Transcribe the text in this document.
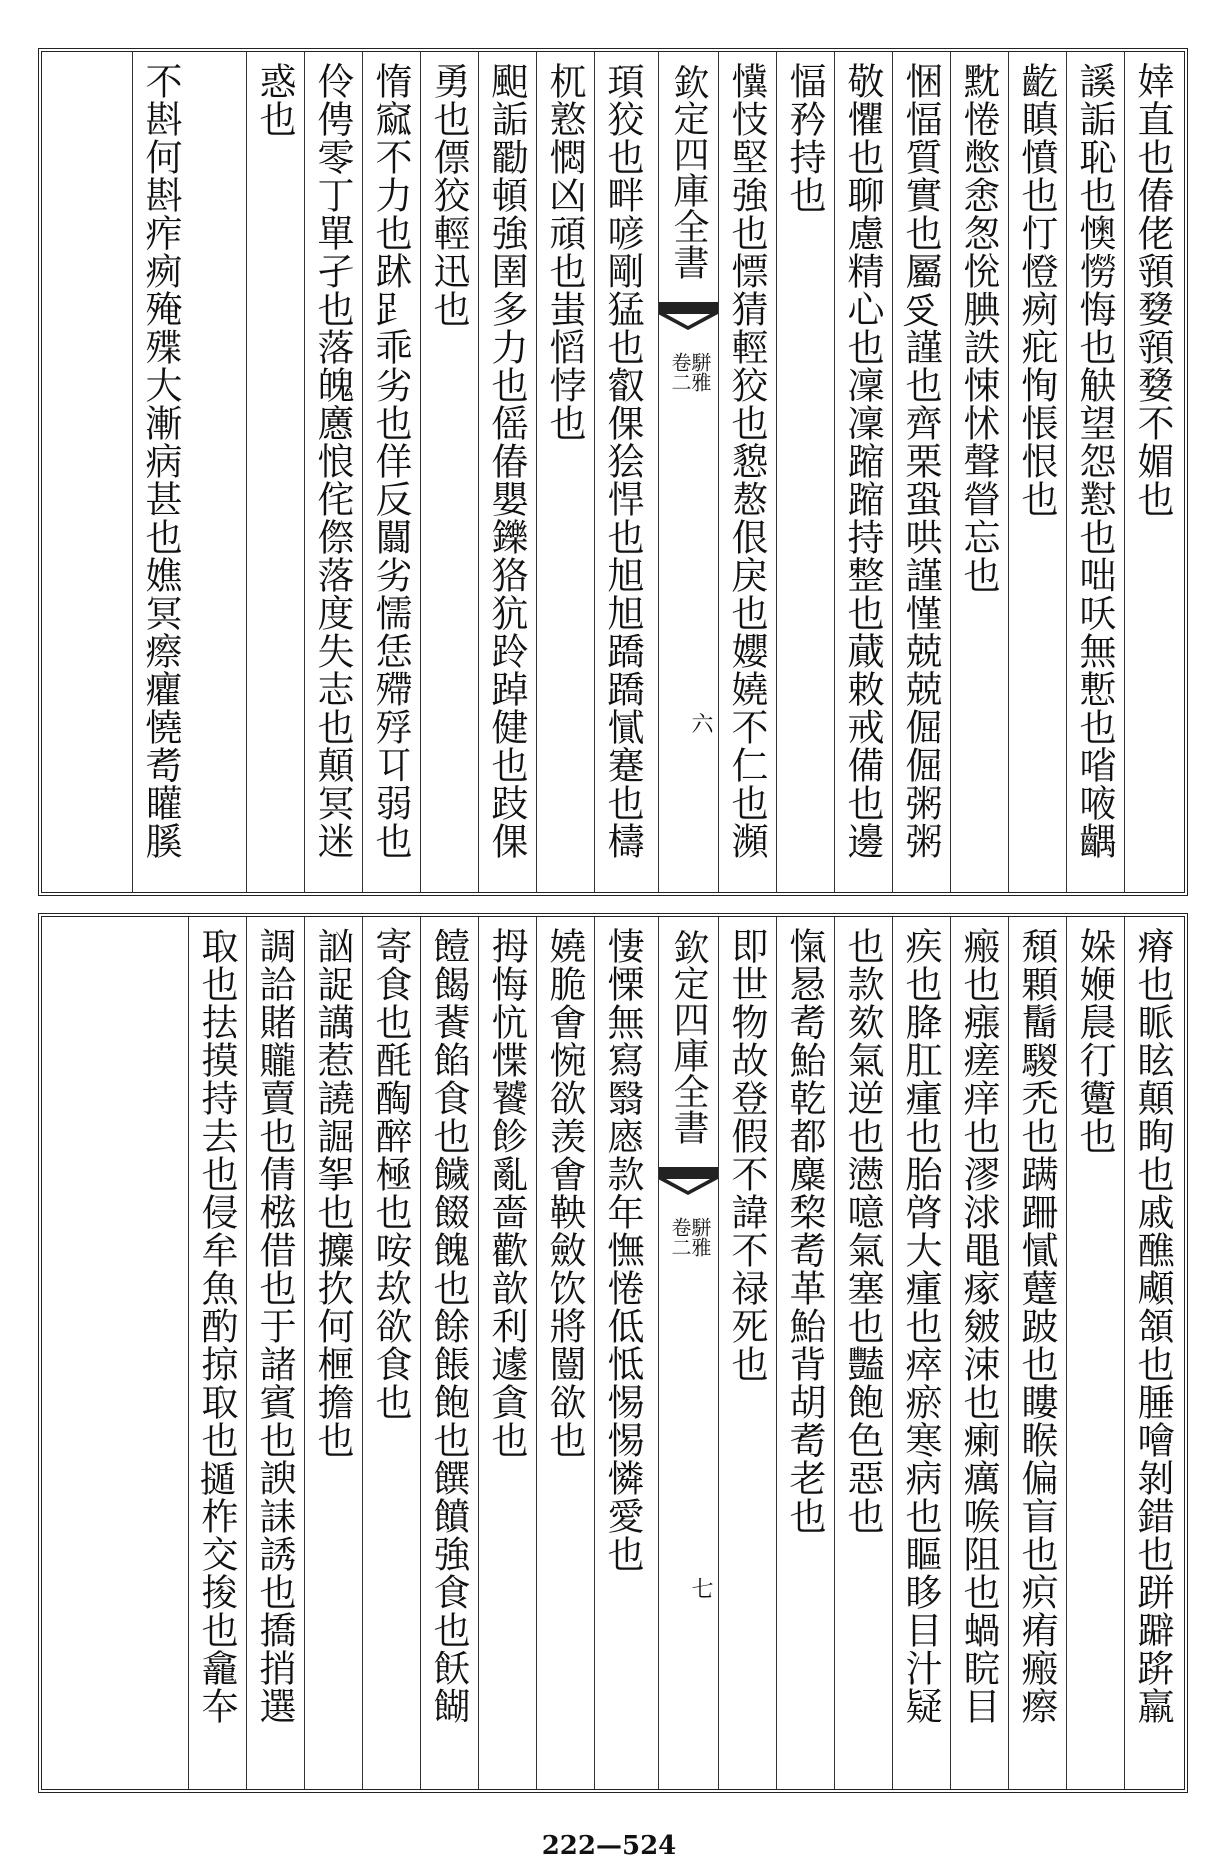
婞直也偆佬頱㜈頱㜈不媚也
謑詬恥也懊憦悔也觖望怨懟也咄㕭無慙也㗂㖡齵
齕瞋憤也忊憕㾐疪恂悵恨也
黕惓憋悆怱恱腆詄悚怵聲䁝忘也
悃愊質實也屬𠬪謹也齊栗蛩哄謹慬兢兢倔倔粥粥
敬懼也聊慮精心也凜凜蹜蹜持整也蕆敕戒備也邊
愊矜持也
懻忮堅強也慓猜輕狡也㦝㥿佷戾也孆嬈不仁也瀕
頊狡也畔喭剛猛也叡倮狯悍也旭旭蹻蹻㦐蹇也檮
杌憝㦖凶頑也蚩慆悖也
䫻詬㔥頓強圉多力也傜偆嬰鑠狢犺跉踔健也跂倮
勇也僄狡輕迅也
惰窳不力也䟣𧾷乖劣也佯反闒劣懦恁殢殍㔿弱也
伶俜零丁單孑也落魄懬悢侘傺落度失志也顛冥迷
惑也
不斟何斟痄㾐殗殜大漸病甚也嫶冥瘵癯憢耉矔膎	欽定四庫全書
駢雅
卷二
六
瘠也眽眩顛眴也戚醮顑頷也腄噲剝錯也跰躃䟸羸
㛊㛹䢅㣔躛也
頹顆鬝騣禿也蹒跚㦐躠跛也瞜睺偏盲也疻痏瘢瘵
瘢也瘬瘥痒也漻浗黽瘃皴涑也瘌癘㗋阻也蝸睆目
疾也胮肛瘇也胎䏿大瘇也瘁瘀寒病也瞘眵目汁疑
也款欬氣逆也懑噫氣塞也豔飽色惡也
愾惖耉鮐乾都麋棃耉革鮐背胡耉老也
即世物故登假不諱不禄死也
悽慄無寫翳㥷款年憮惓低怟惕惕憐愛也
嬈脆㑹惋欲羡㑹鞅斂饮將闓欲也
拇悔忼惵饕飻亂嗇歡歆利遽貪也
饐餲餥餡食也饖餟餽也餘餦飽也饌饙強食也飫餬
寄食也酕醄醉極也咹㰦欲食也
訩䛤䜕惹譊誳挐也攗扻何㭱擔也
調詥賭贚賣也倩㭹借也于諸賓也諛誄誘也撟捎選
取也抾摸持去也侵牟魚酌掠取也𢶿柞交捘也龕夲	欽定四庫全書
駢雅
卷二
七
222—524
